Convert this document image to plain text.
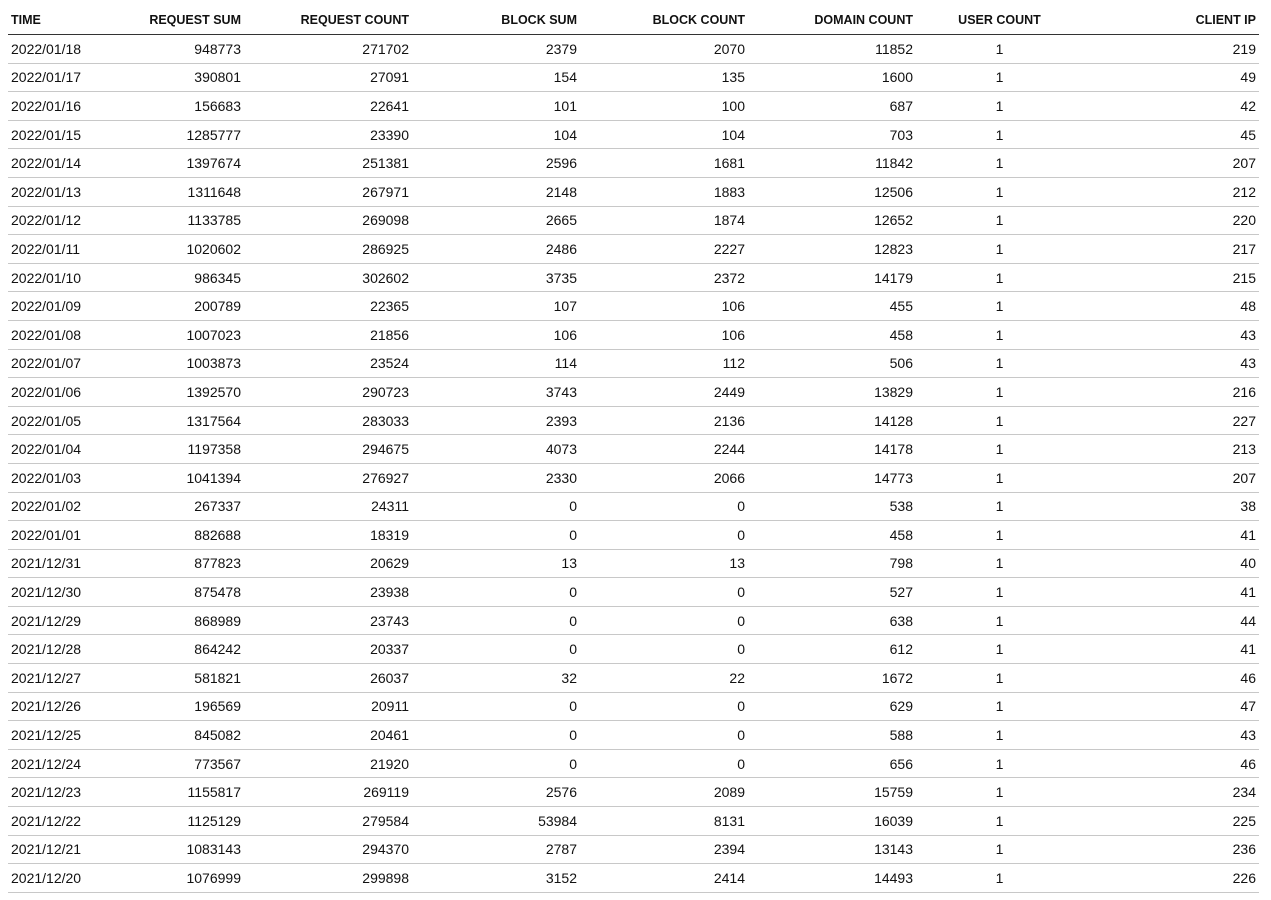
TIME	REQUEST SUM	REQUEST COUNT	BLOCK SUM	BLOCK COUNT	DOMAIN COUNT	USER COUNT	CLIENT IP
2022/01/18	948773	271702	2379	2070	11852	1	219
2022/01/17	390801	27091	154	135	1600	1	49
2022/01/16	156683	22641	101	100	687	1	42
2022/01/15	1285777	23390	104	104	703	1	45
2022/01/14	1397674	251381	2596	1681	11842	1	207
2022/01/13	1311648	267971	2148	1883	12506	1	212
2022/01/12	1133785	269098	2665	1874	12652	1	220
2022/01/11	1020602	286925	2486	2227	12823	1	217
2022/01/10	986345	302602	3735	2372	14179	1	215
2022/01/09	200789	22365	107	106	455	1	48
2022/01/08	1007023	21856	106	106	458	1	43
2022/01/07	1003873	23524	114	112	506	1	43
2022/01/06	1392570	290723	3743	2449	13829	1	216
2022/01/05	1317564	283033	2393	2136	14128	1	227
2022/01/04	1197358	294675	4073	2244	14178	1	213
2022/01/03	1041394	276927	2330	2066	14773	1	207
2022/01/02	267337	24311	0	0	538	1	38
2022/01/01	882688	18319	0	0	458	1	41
2021/12/31	877823	20629	13	13	798	1	40
2021/12/30	875478	23938	0	0	527	1	41
2021/12/29	868989	23743	0	0	638	1	44
2021/12/28	864242	20337	0	0	612	1	41
2021/12/27	581821	26037	32	22	1672	1	46
2021/12/26	196569	20911	0	0	629	1	47
2021/12/25	845082	20461	0	0	588	1	43
2021/12/24	773567	21920	0	0	656	1	46
2021/12/23	1155817	269119	2576	2089	15759	1	234
2021/12/22	1125129	279584	53984	8131	16039	1	225
2021/12/21	1083143	294370	2787	2394	13143	1	236
2021/12/20	1076999	299898	3152	2414	14493	1	226
